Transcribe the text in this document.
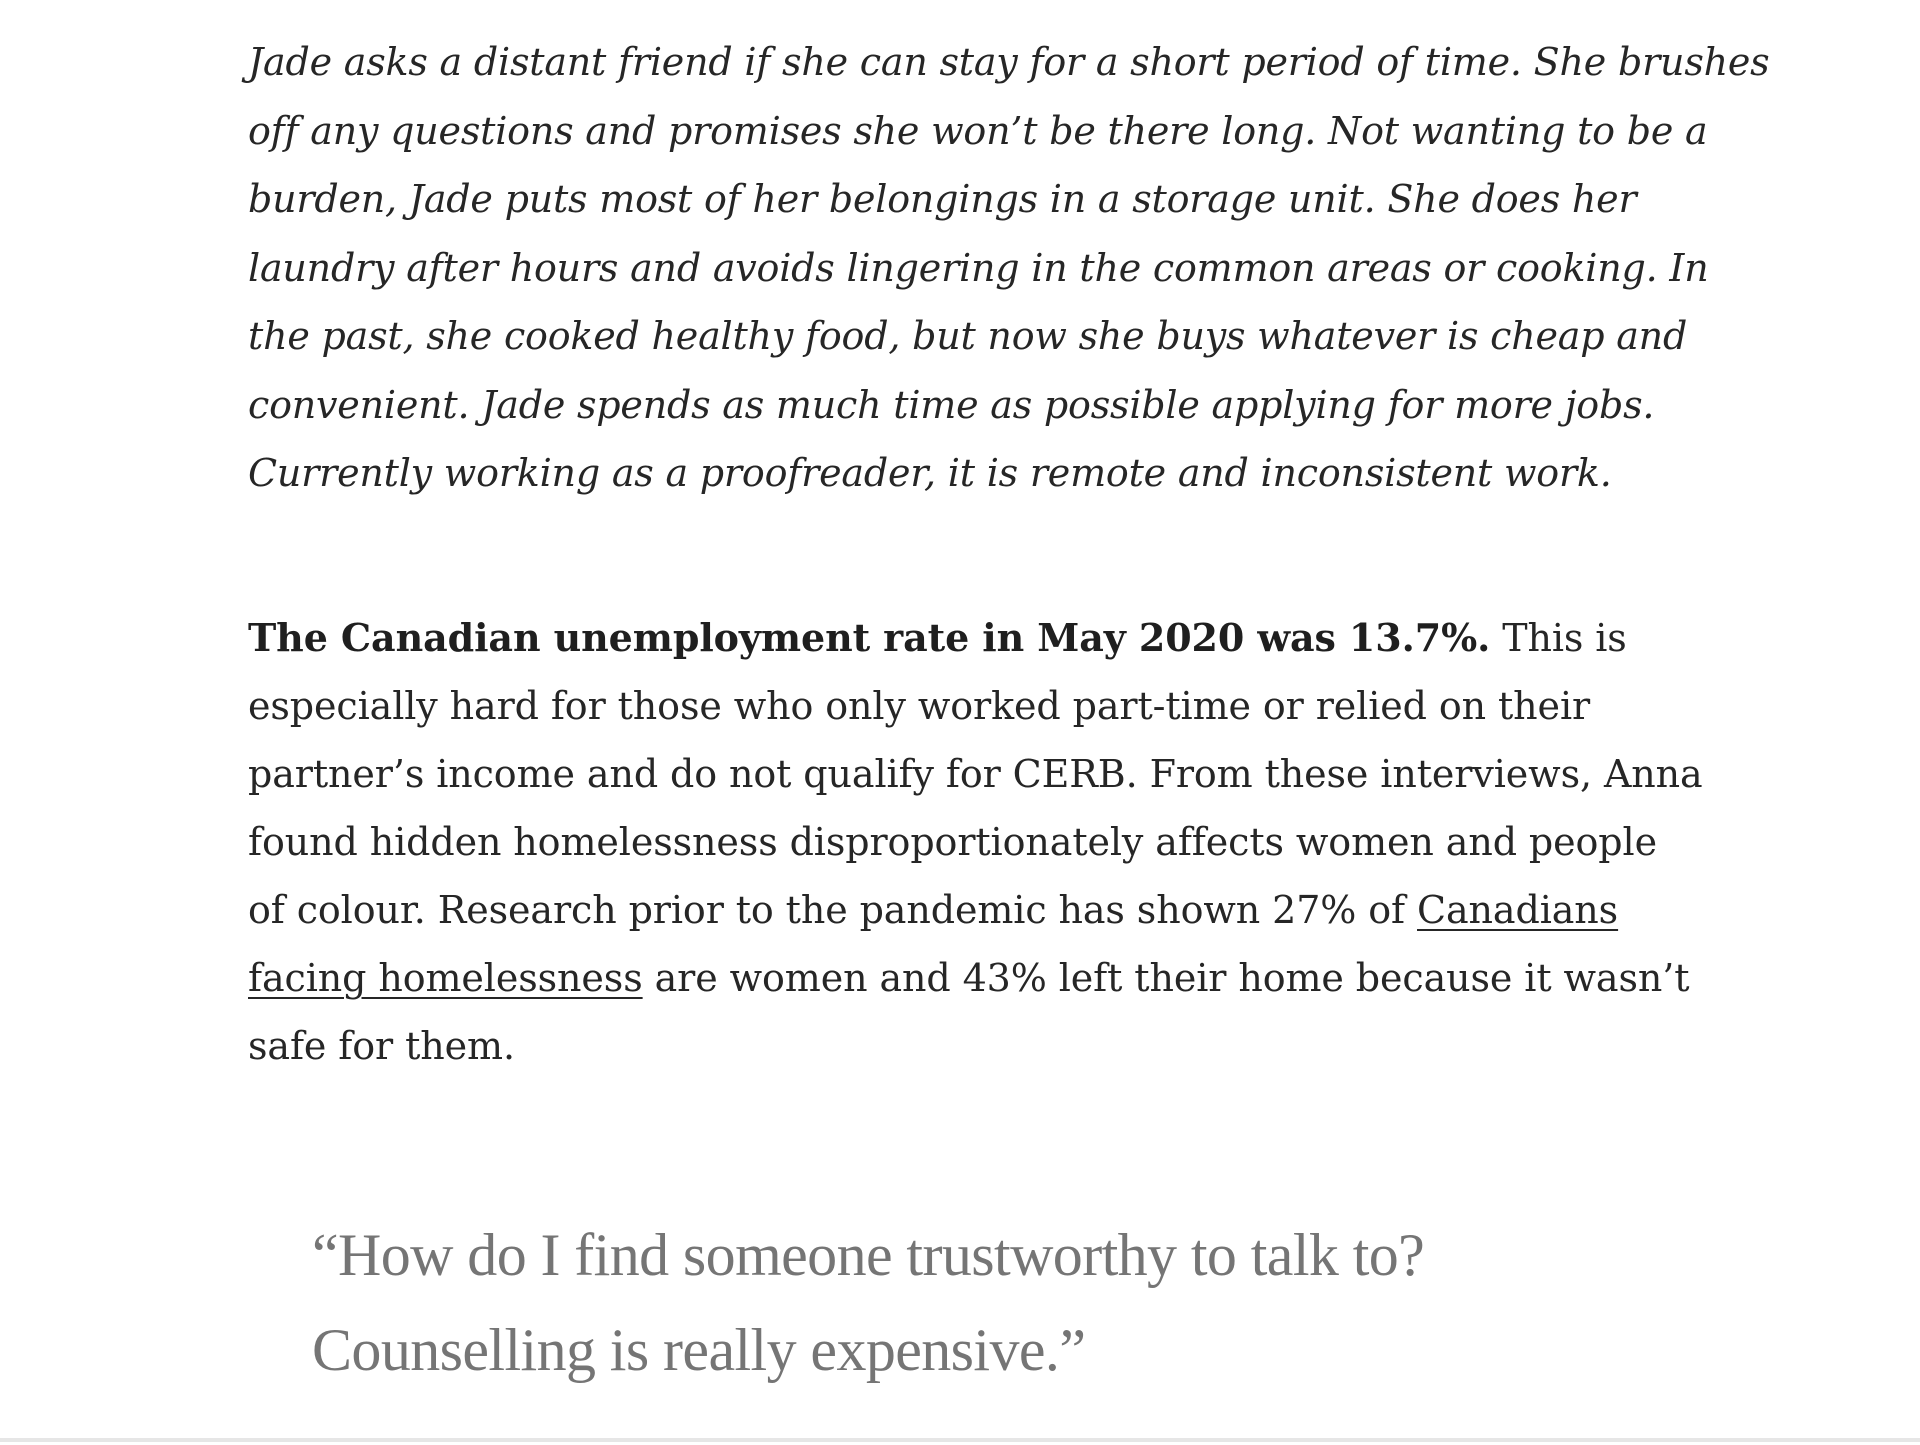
Jade asks a distant friend if she can stay for a short period of time. She brushes
off any questions and promises she won’t be there long. Not wanting to be a
burden, Jade puts most of her belongings in a storage unit. She does her
laundry after hours and avoids lingering in the common areas or cooking. In
the past, she cooked healthy food, but now she buys whatever is cheap and
convenient. Jade spends as much time as possible applying for more jobs.
Currently working as a proofreader, it is remote and inconsistent work.

The Canadian unemployment rate in May 2020 was 13.7%. This is
especially hard for those who only worked part-time or relied on their
partner’s income and do not qualify for CERB. From these interviews, Anna
found hidden homelessness disproportionately affects women and people
of colour. Research prior to the pandemic has shown 27% of Canadians
facing homelessness are women and 43% left their home because it wasn’t
safe for them.

“How do I find someone trustworthy to talk to?
Counselling is really expensive.”
